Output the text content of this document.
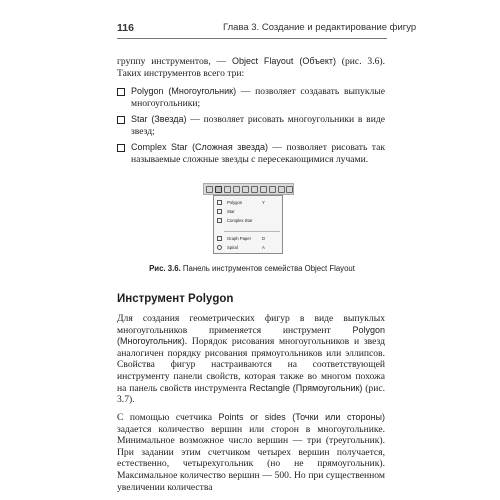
116	Глава 3. Создание и редактирование фигур
группу инструментов, — Object Flayout (Объект) (рис. 3.6). Таких инструментов всего три:
Polygon (Многоугольник) — позволяет создавать выпуклые многоугольники;
Star (Звезда) — позволяет рисовать многоугольники в виде звезд;
Complex Star (Сложная звезда) — позволяет рисовать так называемые сложные звезды с пересекающимися лучами.
Polygon	Y
Star
Complex Star
Graph Paper	D
Spiral	A
Рис. 3.6. Панель инструментов семейства Object Flayout
Инструмент Polygon
Для создания геометрических фигур в виде выпуклых многоугольников применяется инструмент Polygon (Многоугольник). Порядок рисования многоугольников и звезд аналогичен порядку рисования прямоугольников или эллипсов. Свойства фигур настраиваются на соответствующей инструменту панели свойств, которая также во многом похожа на панель свойств инструмента Rectangle (Прямоугольник) (рис. 3.7).
С помощью счетчика Points or sides (Точки или стороны) задается количество вершин или сторон в многоугольнике. Минимальное возможное число вершин — три (треугольник). При задании этим счетчиком четырех вершин получается, естественно, четырехугольник (но не прямоугольник). Максимальное количество вершин — 500. Но при существенном увеличении количества
